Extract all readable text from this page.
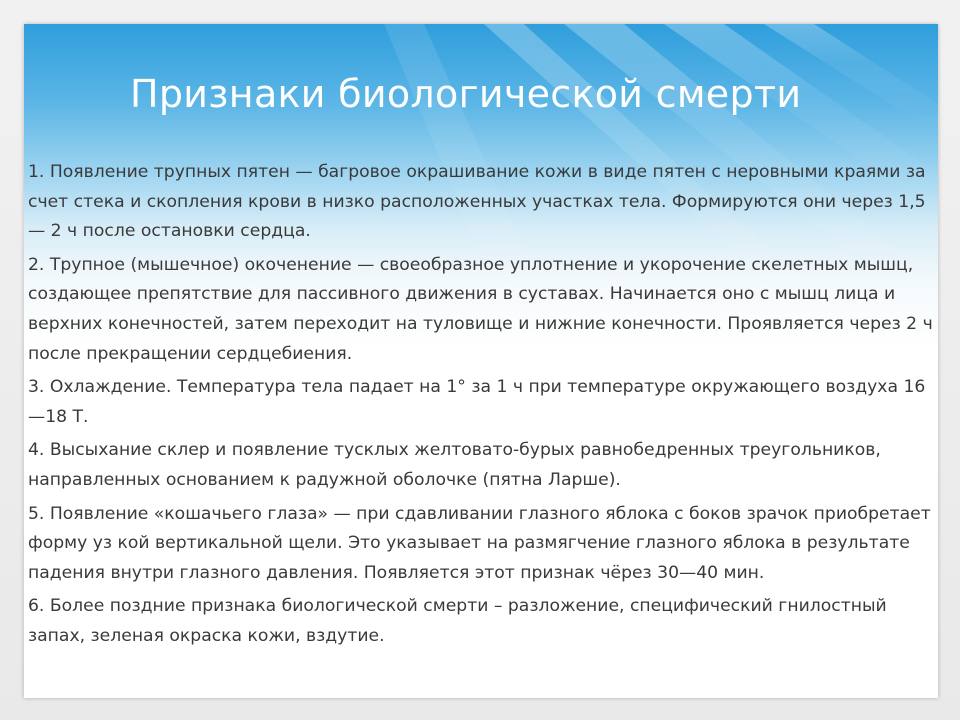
Признаки биологической смерти
1. Появление трупных пятен — багровое окрашивание кожи в виде пятен с неровными краями за счет стека и скопления крови в низко расположенных участках тела. Формируются они через 1,5— 2 ч после остановки сердца.
2. Трупное (мышечное) окоченение — своеобразное уплотнение и укорочение скелетных мышц, создающее препятствие для пассивного движения в суставах. Начинается оно с мышц лица и верхних конечностей, затем переходит на туловище и нижние конечности. Проявляется через 2 ч после прекращении сердцебиения.
3. Охлаждение. Температура тела падает на 1° за 1 ч при температуре окружающего воздуха 16—18 Т.
4. Высыхание склер и появление тусклых желтовато-бурых равнобедренных треугольников, направленных основанием к радужной оболочке (пятна Ларше).
5. Появление «кошачьего глаза» — при сдавливании глазного яблока с боков зрачок приобретает форму уз кой вертикальной щели. Это указывает на размягчение глазного яблока в результате падения внутри глазного давления. Появляется этот признак чёрез 30—40 мин.
6. Более поздние признака биологической смерти – разложение, специфический гнилостный запах, зеленая окраска кожи, вздутие.
